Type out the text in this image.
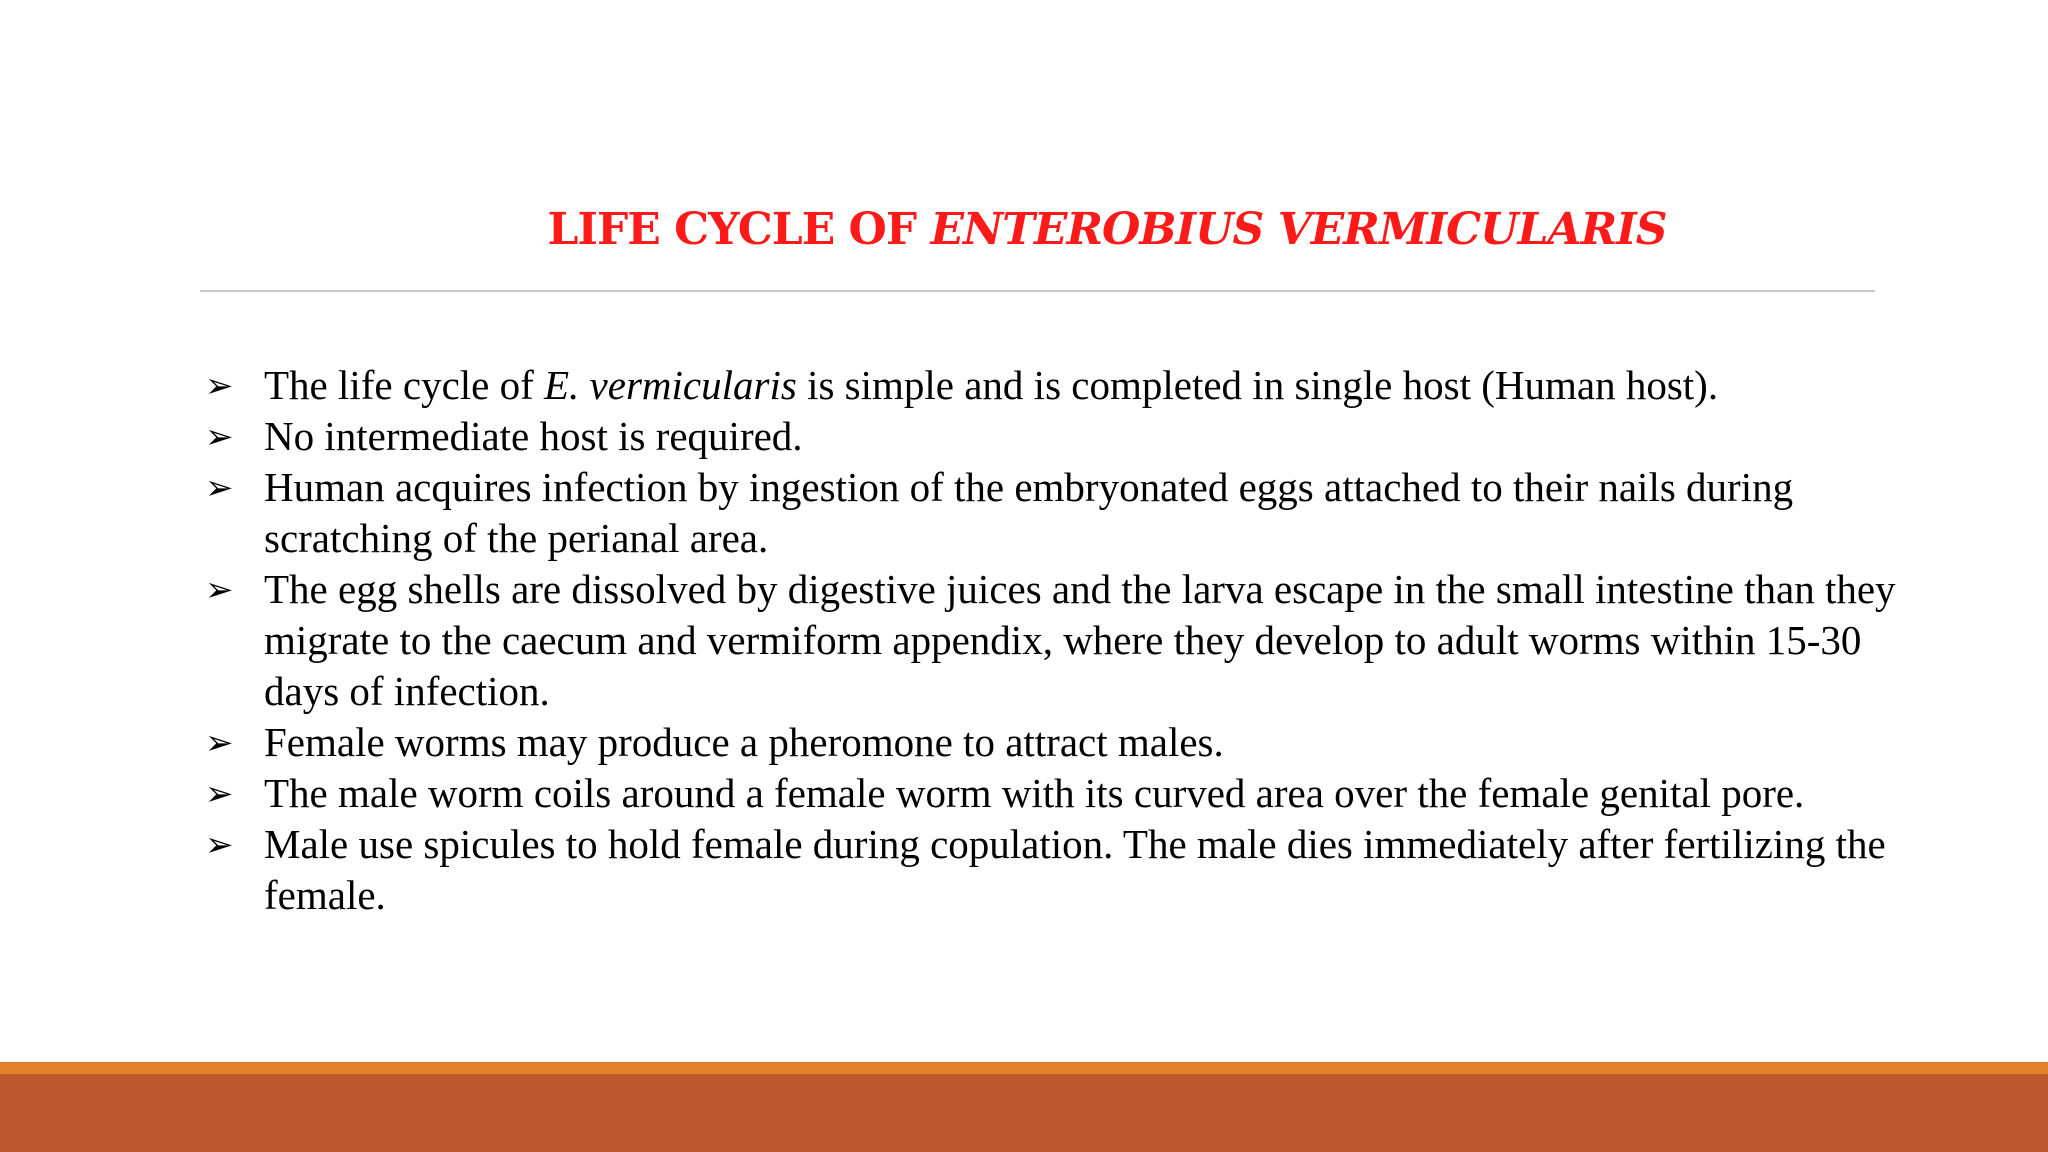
LIFE CYCLE OF ENTEROBIUS VERMICULARIS
➢ The life cycle of E. vermicularis is simple and is completed in single host (Human host).
➢ No intermediate host is required.
➢ Human acquires infection by ingestion of the embryonated eggs attached to their nails during scratching of the perianal area.
➢ The egg shells are dissolved by digestive juices and the larva escape in the small intestine than they migrate to the caecum and vermiform appendix, where they develop to adult worms within 15-30 days of infection.
➢ Female worms may produce a pheromone to attract males.
➢ The male worm coils around a female worm with its curved area over the female genital pore.
➢ Male use spicules to hold female during copulation. The male dies immediately after fertilizing the female.
